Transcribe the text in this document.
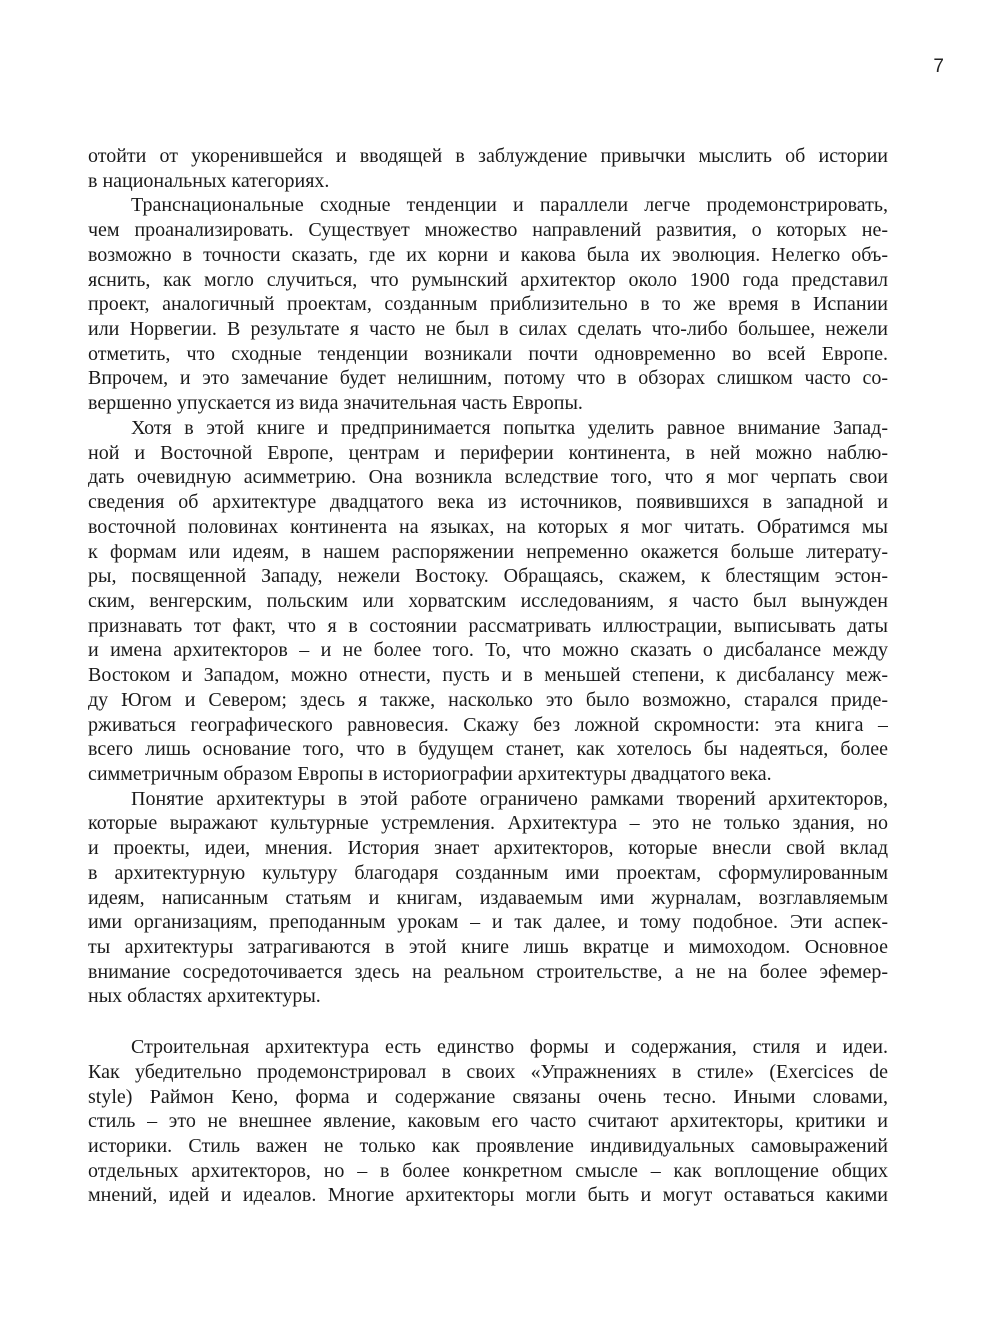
7
отойти от укоренившейся и вводящей в заблуждение привычки мыслить об истории
в национальных категориях.
Транснациональные сходные тенденции и параллели легче продемонстрировать,
чем проанализировать. Существует множество направлений развития, о которых не-
возможно в точности сказать, где их корни и какова была их эволюция. Нелегко объ-
яснить, как могло случиться, что румынский архитектор около 1900 года представил
проект, аналогичный проектам, созданным приблизительно в то же время в Испании
или Норвегии. В результате я часто не был в силах сделать что-либо большее, нежели
отметить, что сходные тенденции возникали почти одновременно во всей Европе.
Впрочем, и это замечание будет нелишним, потому что в обзорах слишком часто со-
вершенно упускается из вида значительная часть Европы.
Хотя в этой книге и предпринимается попытка уделить равное внимание Запад-
ной и Восточной Европе, центрам и периферии континента, в ней можно наблю-
дать очевидную асимметрию. Она возникла вследствие того, что я мог черпать свои
сведения об архитектуре двадцатого века из источников, появившихся в западной и
восточной половинах континента на языках, на которых я мог читать. Обратимся мы
к формам или идеям, в нашем распоряжении непременно окажется больше литерату-
ры, посвященной Западу, нежели Востоку. Обращаясь, скажем, к блестящим эстон-
ским, венгерским, польским или хорватским исследованиям, я часто был вынужден
признавать тот факт, что я в состоянии рассматривать иллюстрации, выписывать даты
и имена архитекторов – и не более того. То, что можно сказать о дисбалансе между
Востоком и Западом, можно отнести, пусть и в меньшей степени, к дисбалансу меж-
ду Югом и Севером; здесь я также, насколько это было возможно, старался приде-
рживаться географического равновесия. Скажу без ложной скромности: эта книга –
всего лишь основание того, что в будущем станет, как хотелось бы надеяться, более
симметричным образом Европы в историографии архитектуры двадцатого века.
Понятие архитектуры в этой работе ограничено рамками творений архитекторов,
которые выражают культурные устремления. Архитектура – это не только здания, но
и проекты, идеи, мнения. История знает архитекторов, которые внесли свой вклад
в архитектурную культуру благодаря созданным ими проектам, сформулированным
идеям, написанным статьям и книгам, издаваемым ими журналам, возглавляемым
ими организациям, преподанным урокам – и так далее, и тому подобное. Эти аспек-
ты архитектуры затрагиваются в этой книге лишь вкратце и мимоходом. Основное
внимание сосредоточивается здесь на реальном строительстве, а не на более эфемер-
ных областях архитектуры.
Строительная архитектура есть единство формы и содержания, стиля и идеи.
Как убедительно продемонстрировал в своих «Упражнениях в стиле» (Exercices de
style) Раймон Кено, форма и содержание связаны очень тесно. Иными словами,
стиль – это не внешнее явление, каковым его часто считают архитекторы, критики и
историки. Стиль важен не только как проявление индивидуальных самовыражений
отдельных архитекторов, но – в более конкретном смысле – как воплощение общих
мнений, идей и идеалов. Многие архитекторы могли быть и могут оставаться какими
